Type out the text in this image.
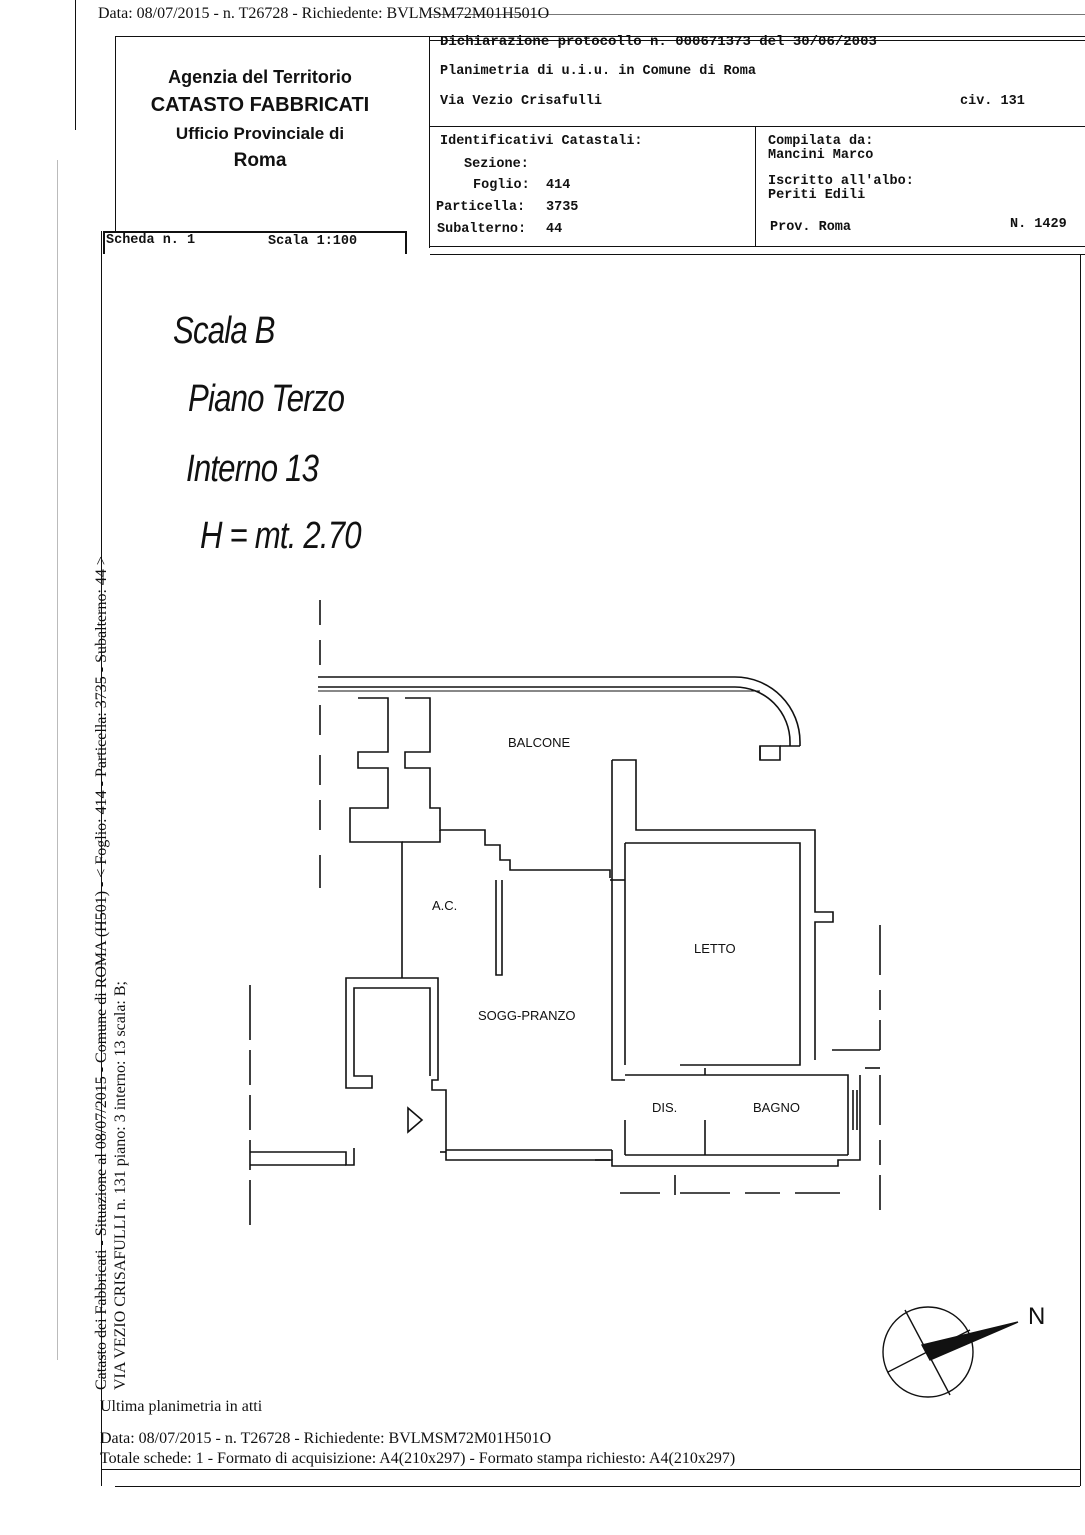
Data: 08/07/2015 - n. T26728 - Richiedente: BVLMSM72M01H501O
Agenzia del Territorio
CATASTO FABBRICATI
Ufficio Provinciale di
Roma
Dichiarazione protocollo n. 000671373 del 30/06/2003
Planimetria di u.i.u. in Comune di Roma
Via Vezio Crisafulli	civ. 131
Scheda n. 1	Scala 1:100
Identificativi Catastali:
Sezione:
Foglio: 414
Particella: 3735
Subalterno: 44
Compilata da:
Mancini Marco
Iscritto all'albo:
Periti Edili
Prov. Roma	N. 1429
Scala B
Piano Terzo
Interno 13
H = mt. 2.70
BALCONE
A.C.
LETTO
SOGG-PRANZO
DIS.	BAGNO
N
Catasto dei Fabbricati - Situazione al 08/07/2015 - Comune di ROMA (H501) - < Foglio: 414 - Particella: 3735 - Subalterno: 44 > VIA VEZIO CRISAFULLI n. 131 piano: 3 interno: 13 scala: B;
Ultima planimetria in atti
Data: 08/07/2015 - n. T26728 - Richiedente: BVLMSM72M01H501O
Totale schede: 1 - Formato di acquisizione: A4(210x297) - Formato stampa richiesto: A4(210x297)
